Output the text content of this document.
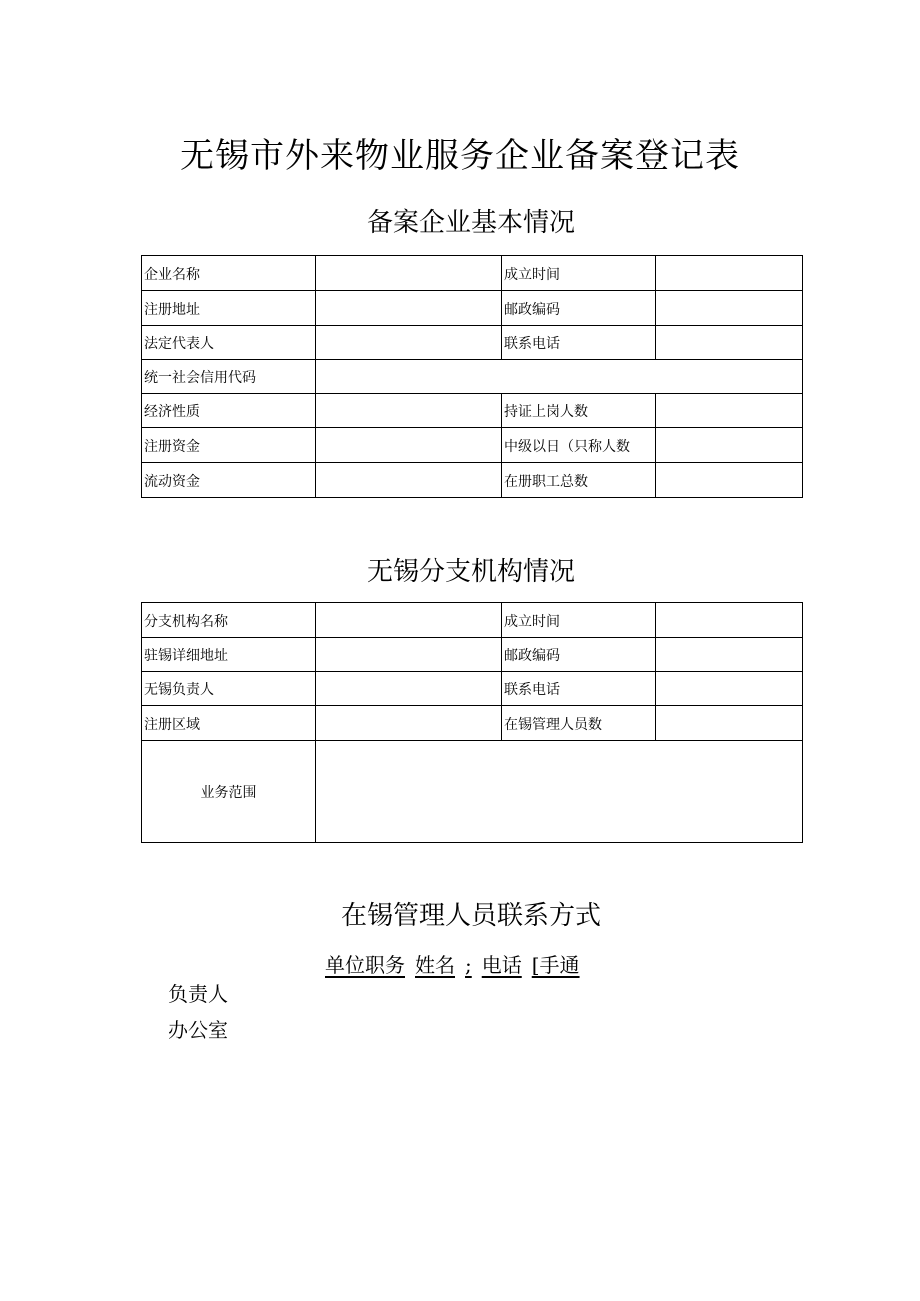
无锡市外来物业服务企业备案登记表
备案企业基本情况
企业名称		成立时间	
注册地址		邮政编码	
法定代表人		联系电话	
统一社会信用代码			
经济性质		持证上岗人数	
注册资金		中级以日（只称人数	
流动资金		在册职工总数	
无锡分支机构情况
分支机构名称		成立时间	
驻锡详细地址		邮政编码	
无锡负责人		联系电话	
注册区域		在锡管理人员数	
业务范围			
在锡管理人员联系方式
单位职务 姓名 ; 电话 [手通
负责人
办公室
